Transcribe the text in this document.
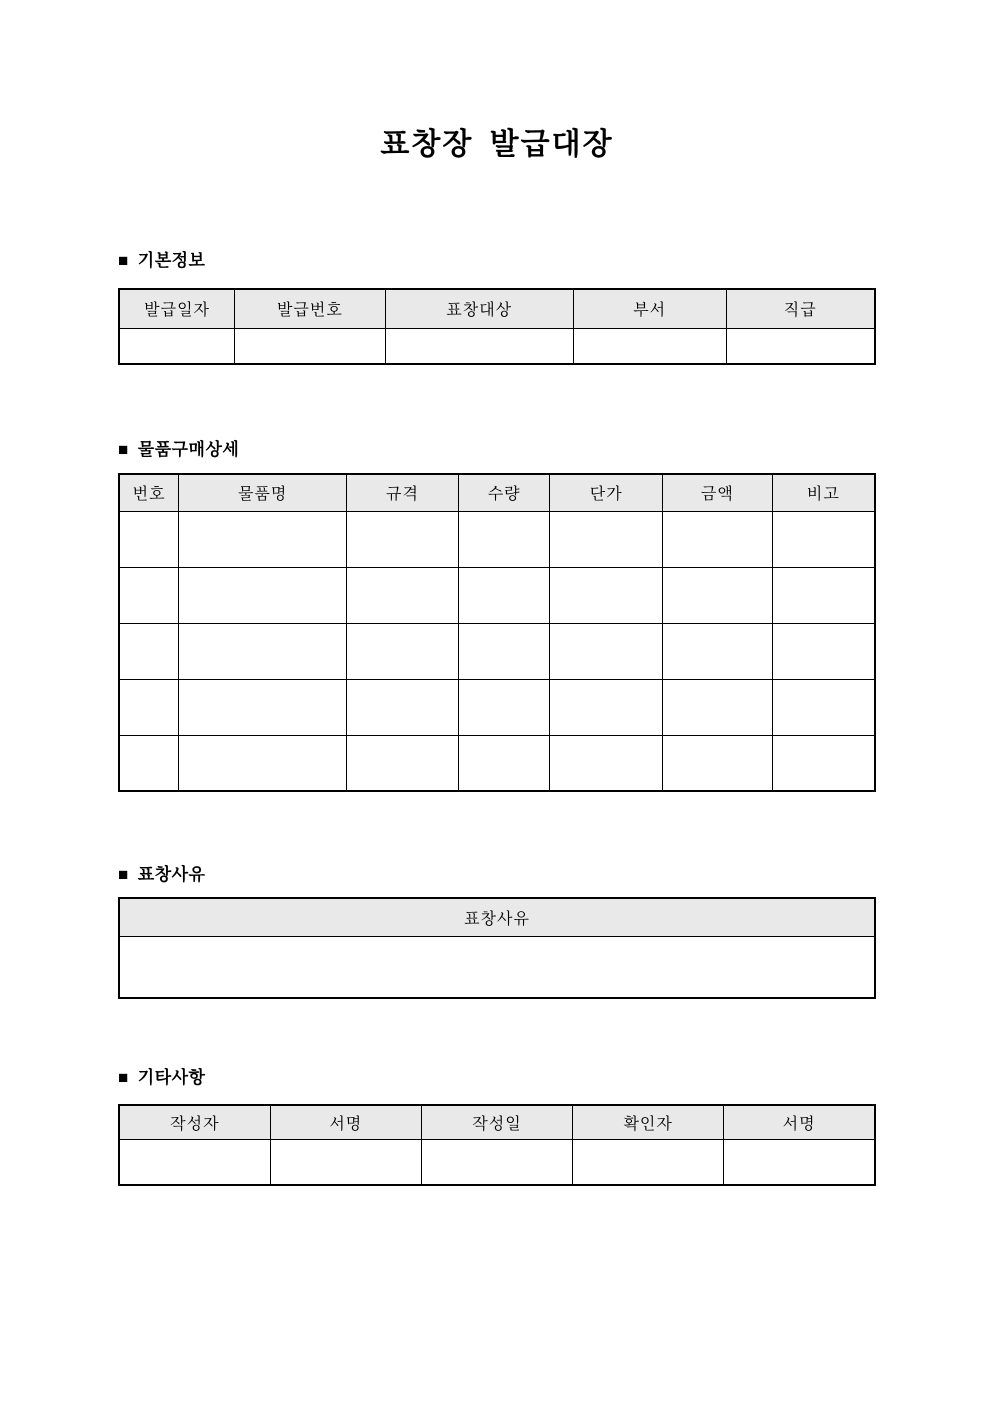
표창장 발급대장
■ 기본정보
발급일자	발급번호	표창대상	부서	직급

■ 물품구매상세
번호	물품명	규격	수량	단가	금액	비고

■ 표창사유
표창사유

■ 기타사항
작성자	서명	작성일	확인자	서명
